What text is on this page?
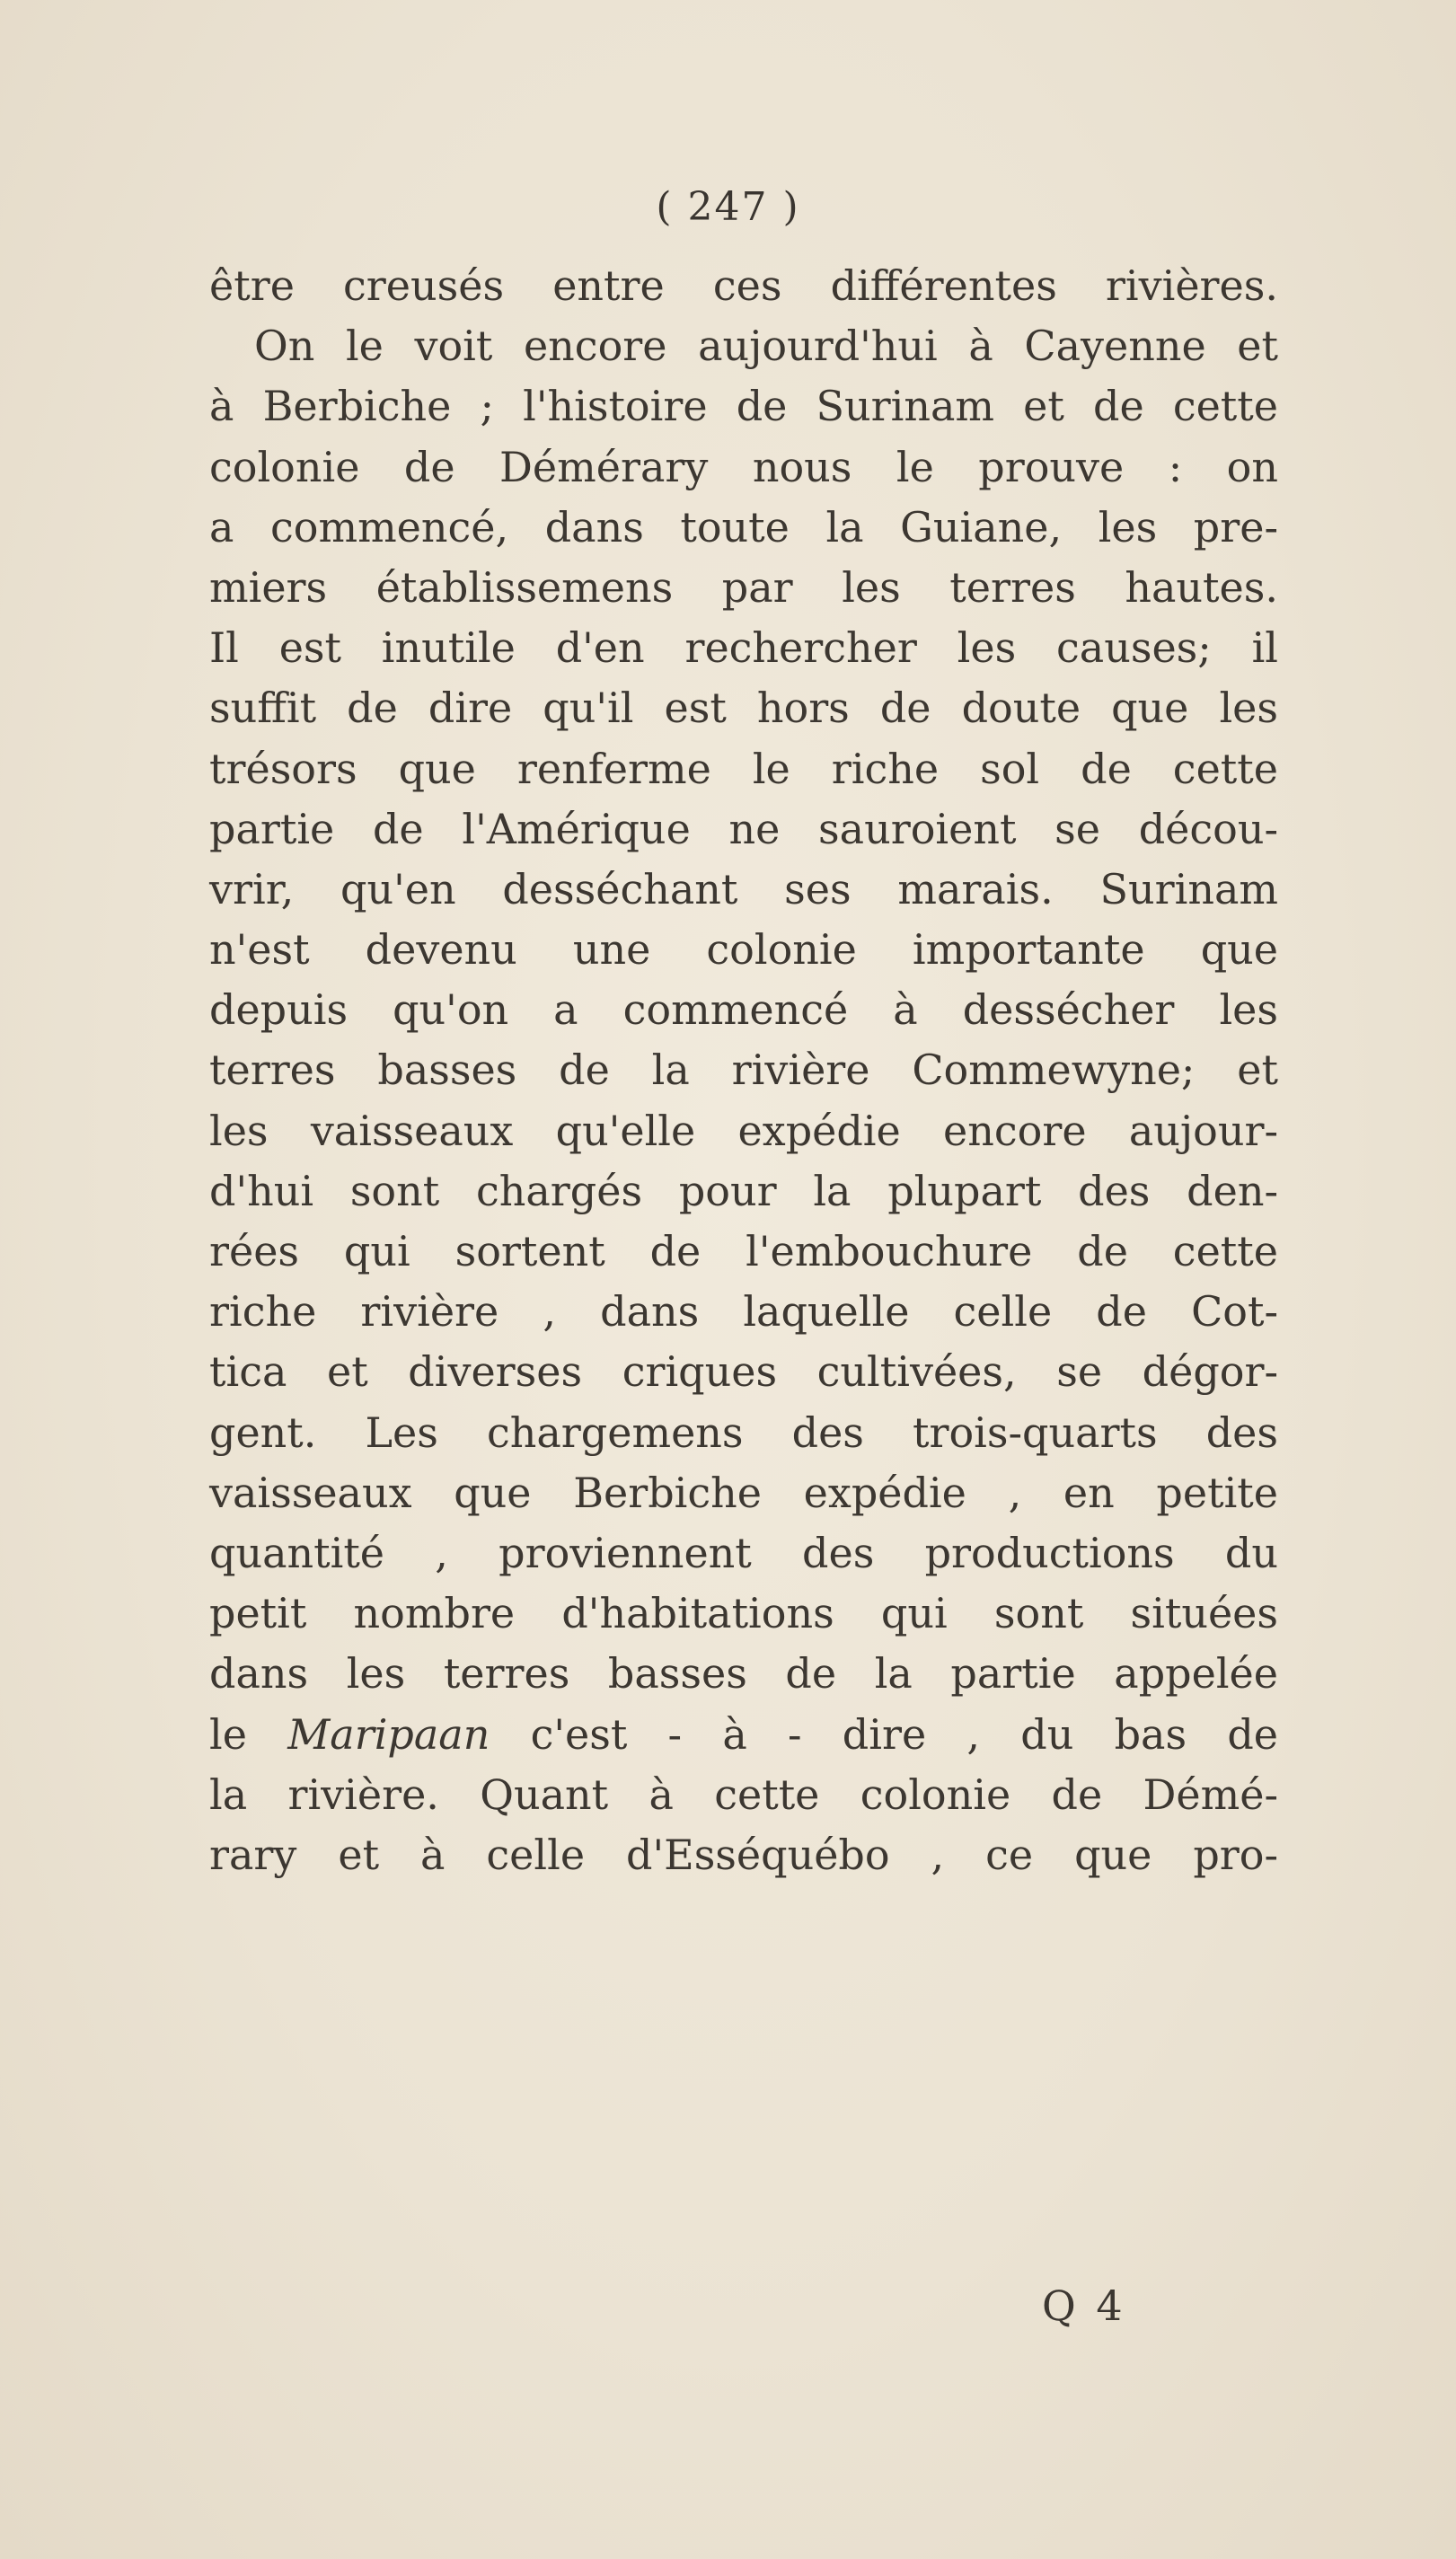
( 247 )
être creusés entre ces différentes rivières.
On le voit encore aujourd'hui à Cayenne et
à Berbiche ; l'histoire de Surinam et de cette
colonie de Démérary nous le prouve : on
a commencé, dans toute la Guiane, les pre-
miers établissemens par les terres hautes.
Il est inutile d'en rechercher les causes; il
suffit de dire qu'il est hors de doute que les
trésors que renferme le riche sol de cette
partie de l'Amérique ne sauroient se décou-
vrir, qu'en desséchant ses marais. Surinam
n'est devenu une colonie importante que
depuis qu'on a commencé à dessécher les
terres basses de la rivière Commewyne; et
les vaisseaux qu'elle expédie encore aujour-
d'hui sont chargés pour la plupart des den-
rées qui sortent de l'embouchure de cette
riche rivière , dans laquelle celle de Cot-
tica et diverses criques cultivées, se dégor-
gent. Les chargemens des trois-quarts des
vaisseaux que Berbiche expédie , en petite
quantité , proviennent des productions du
petit nombre d'habitations qui sont situées
dans les terres basses de la partie appelée
le Maripaan c'est - à - dire , du bas de
la rivière. Quant à cette colonie de Démé-
rary et à celle d'Esséquébo , ce que pro-
Q 4
